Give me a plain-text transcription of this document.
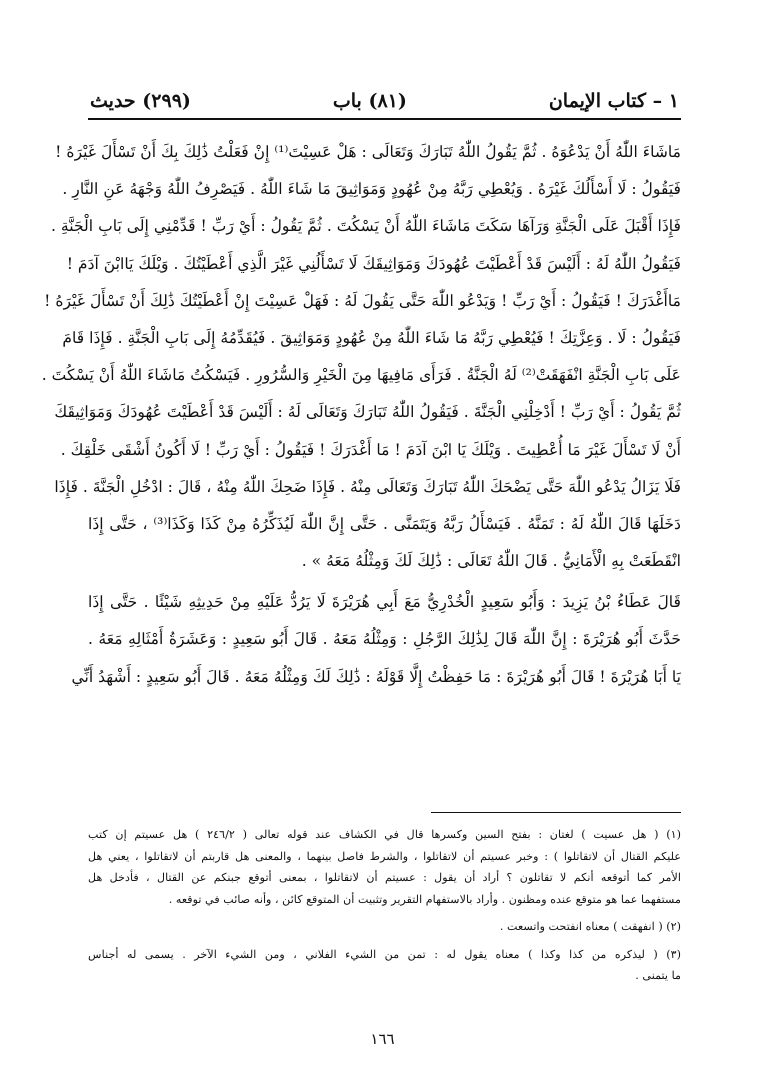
١ – كتاب الإيمان
(٨١) باب
(٢٩٩) حديث
مَاشَاءَ اللّٰهُ أَنْ يَدْعُوَهُ . ثُمَّ يَقُولُ اللّٰهُ تَبَارَكَ وَتَعَالَى : هَلْ عَسِيْتَ⁽¹⁾ إِنْ فَعَلْتُ ذَٰلِكَ بِكَ أَنْ تَسْأَلَ غَيْرَهُ !
فَيَقُولُ : لَا أَسْأَلُكَ غَيْرَهُ . وَيُعْطِي رَبَّهُ مِنْ عُهُودٍ وَمَوَاثِيقَ مَا شَاءَ اللّٰهُ . فَيَصْرِفُ اللّٰهُ وَجْهَهُ عَنِ النَّارِ .
فَإِذَا أَقْبَلَ عَلَى الْجَنَّةِ وَرَآهَا سَكَتَ مَاشَاءَ اللّٰهُ أَنْ يَسْكُتَ . ثُمَّ يَقُولُ : أَيْ رَبِّ ! قَدِّمْنِي إِلَى بَابِ الْجَنَّةِ .
فَيَقُولُ اللّٰهُ لَهُ : أَلَيْسَ قَدْ أَعْطَيْتَ عُهُودَكَ وَمَوَاثِيقَكَ لَا تَسْأَلُنِي غَيْرَ الَّذِي أَعْطَيْتُكَ . وَيْلَكَ يَاابْنَ آدَمَ !
مَاأَغْدَرَكَ ! فَيَقُولُ : أَيْ رَبِّ ! وَيَدْعُو اللّٰهَ حَتَّى يَقُولَ لَهُ : فَهَلْ عَسِيْتَ إِنْ أَعْطَيْتُكَ ذَٰلِكَ أَنْ تَسْأَلَ غَيْرَهُ !
فَيَقُولُ : لَا . وَعِزَّتِكَ ! فَيُعْطِي رَبَّهُ مَا شَاءَ اللّٰهُ مِنْ عُهُودٍ وَمَوَاثِيقَ . فَيُقَدِّمُهُ إِلَى بَابِ الْجَنَّةِ . فَإِذَا قَامَ
عَلَى بَابِ الْجَنَّةِ انْفَهَقَتْ⁽²⁾ لَهُ الْجَنَّةُ . فَرَأَى مَافِيهَا مِنَ الْخَيْرِ وَالسُّرُورِ . فَيَسْكُتُ مَاشَاءَ اللّٰهُ أَنْ يَسْكُتَ .
ثُمَّ يَقُولُ : أَيْ رَبِّ ! أَدْخِلْنِي الْجَنَّةَ . فَيَقُولُ اللّٰهُ تَبَارَكَ وَتَعَالَى لَهُ : أَلَيْسَ قَدْ أَعْطَيْتَ عُهُودَكَ وَمَوَاثِيقَكَ
أَنْ لَا تَسْأَلَ غَيْرَ مَا أُعْطِيتَ . وَيْلَكَ يَا ابْنَ آدَمَ ! مَا أَغْدَرَكَ ! فَيَقُولُ : أَيْ رَبِّ ! لَا أَكُونُ أَشْقَى خَلْقِكَ .
فَلَا يَزَالُ يَدْعُو اللّٰهَ حَتَّى يَضْحَكَ اللّٰهُ تَبَارَكَ وَتَعَالَى مِنْهُ . فَإِذَا ضَحِكَ اللّٰهُ مِنْهُ ، قَالَ : ادْخُلِ الْجَنَّةَ . فَإِذَا
دَخَلَهَا قَالَ اللّٰهُ لَهُ : تَمَنَّهُ . فَيَسْأَلُ رَبَّهُ وَيَتَمَنَّى . حَتَّى إِنَّ اللّٰهَ لَيُذَكِّرُهُ مِنْ كَذَا وَكَذَا⁽³⁾ ، حَتَّى إِذَا
انْقَطَعَتْ بِهِ الْأَمَانِيُّ . قَالَ اللّٰهُ تَعَالَى : ذَٰلِكَ لَكَ وَمِثْلُهُ مَعَهُ » .
قَالَ عَطَاءُ بْنُ يَزِيدَ : وَأَبُو سَعِيدٍ الْخُدْرِيُّ مَعَ أَبِي هُرَيْرَةَ لَا يَرُدُّ عَلَيْهِ مِنْ حَدِيثِهِ شَيْئًا . حَتَّى إِذَا
حَدَّثَ أَبُو هُرَيْرَةَ : إِنَّ اللّٰهَ قَالَ لِذَٰلِكَ الرَّجُلِ : وَمِثْلُهُ مَعَهُ . قَالَ أَبُو سَعِيدٍ : وَعَشَرَةُ أَمْثَالِهِ مَعَهُ .
يَا أَبَا هُرَيْرَةَ ! قَالَ أَبُو هُرَيْرَةَ : مَا حَفِظْتُ إِلَّا قَوْلَهُ : ذَٰلِكَ لَكَ وَمِثْلُهُ مَعَهُ . قَالَ أَبُو سَعِيدٍ : أَشْهَدُ أَنِّي
(١) ( هل عسيت ) لغتان : بفتح السين وكسرها قال في الكشاف عند قوله تعالى ( ٢٤٦/٢ ) هل عسيتم إن كتب
عليكم القتال أن لاتقاتلوا ) : وخبر عسيتم أن لاتقاتلوا ، والشرط فاصل بينهما ، والمعنى هل قاربتم أن لاتقاتلوا ، يعني هل
الأمر كما أتوقعه أنكم لا تقاتلون ؟ أراد أن يقول : عسيتم أن لاتقاتلوا ، بمعنى أتوقع جبنكم عن القتال ، فأدخل هل
مستفهما عما هو متوقع عنده ومظنون . وأراد بالاستفهام التقرير وتثبيت أن المتوقع كائن ، وأنه صائب في توقعه .
(٢) ( انفهقت ) معناه انفتحت واتسعت .
(٣) ( ليذكره من كذا وكذا ) معناه يقول له : تمن من الشيء الفلاني ، ومن الشيء الآخر . يسمى له أجناس
ما يتمنى .
١٦٦
